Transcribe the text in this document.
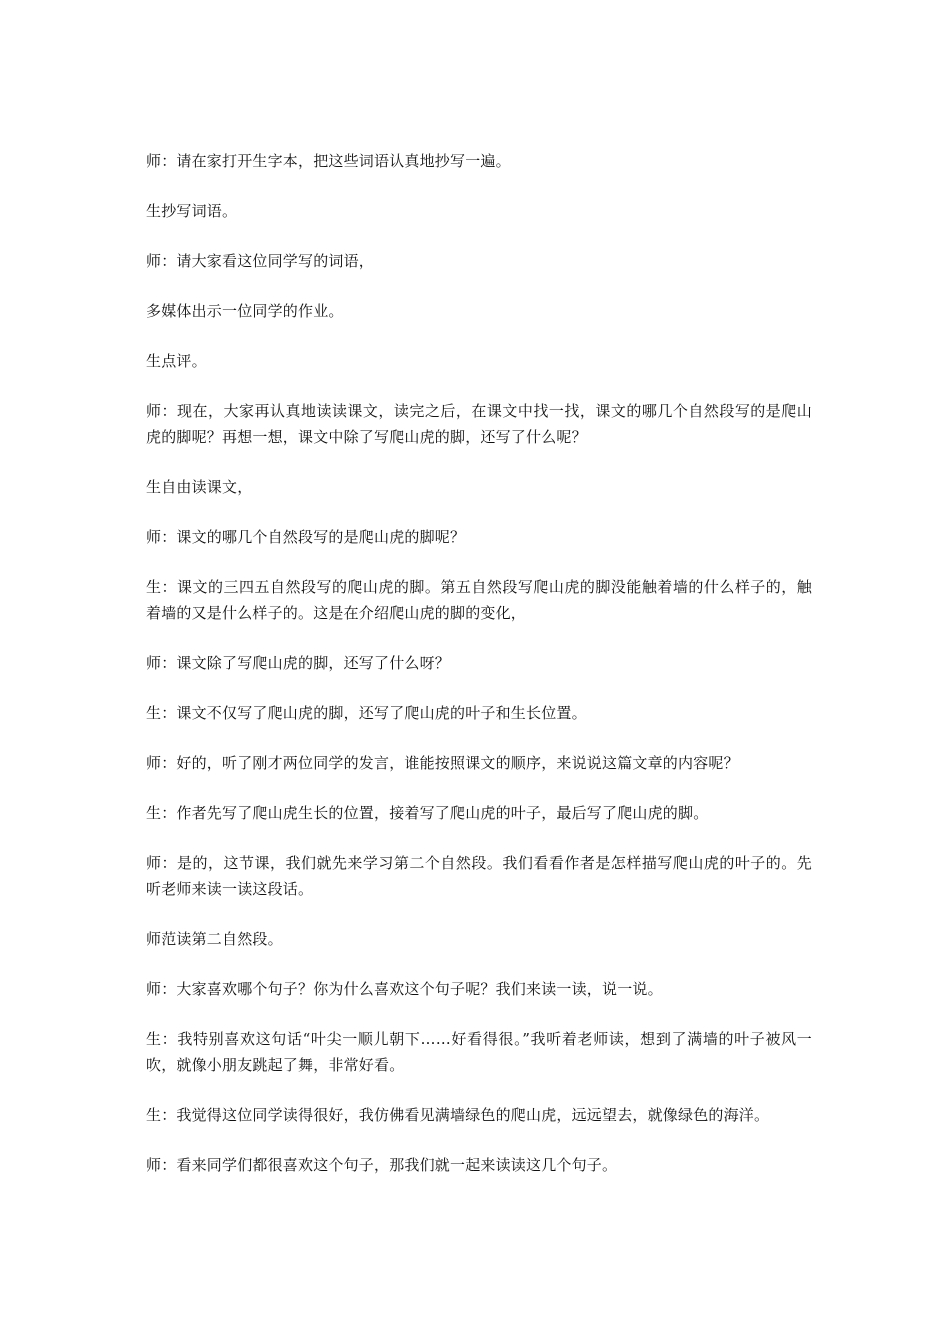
师：请在家打开生字本，把这些词语认真地抄写一遍。

生抄写词语。

师：请大家看这位同学写的词语，

多媒体出示一位同学的作业。

生点评。

师：现在，大家再认真地读读课文，读完之后，在课文中找一找，课文的哪几个自然段写的是爬山虎的脚呢？再想一想，课文中除了写爬山虎的脚，还写了什么呢？

生自由读课文，

师：课文的哪几个自然段写的是爬山虎的脚呢？

生：课文的三四五自然段写的爬山虎的脚。第五自然段写爬山虎的脚没能触着墙的什么样子的，触着墙的又是什么样子的。这是在介绍爬山虎的脚的变化，

师：课文除了写爬山虎的脚，还写了什么呀？

生：课文不仅写了爬山虎的脚，还写了爬山虎的叶子和生长位置。

师：好的，听了刚才两位同学的发言，谁能按照课文的顺序，来说说这篇文章的内容呢？

生：作者先写了爬山虎生长的位置，接着写了爬山虎的叶子，最后写了爬山虎的脚。

师：是的，这节课，我们就先来学习第二个自然段。我们看看作者是怎样描写爬山虎的叶子的。先听老师来读一读这段话。

师范读第二自然段。

师：大家喜欢哪个句子？你为什么喜欢这个句子呢？我们来读一读，说一说。

生：我特别喜欢这句话“叶尖一顺儿朝下……好看得很。”我听着老师读，想到了满墙的叶子被风一吹，就像小朋友跳起了舞，非常好看。

生：我觉得这位同学读得很好，我仿佛看见满墙绿色的爬山虎，远远望去，就像绿色的海洋。

师：看来同学们都很喜欢这个句子，那我们就一起来读读这几个句子。
